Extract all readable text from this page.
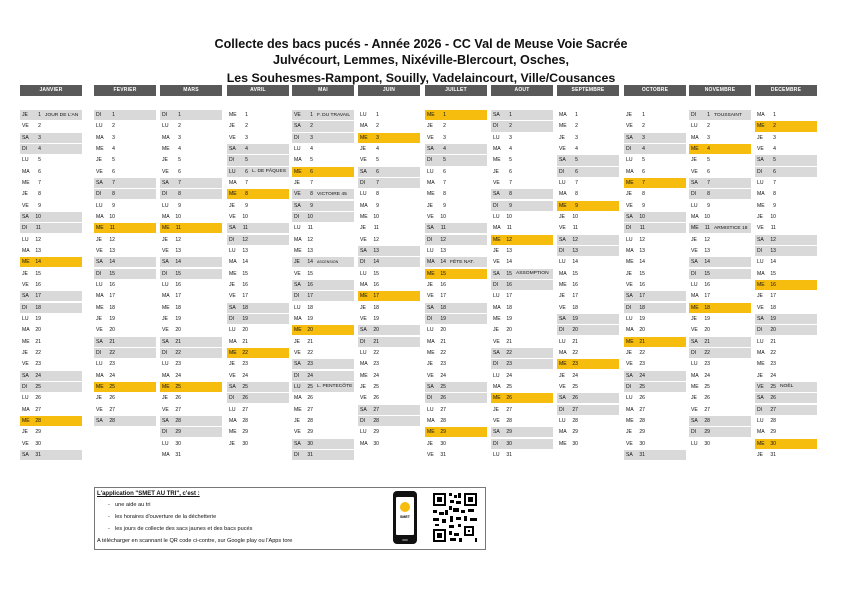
Collecte des bacs pucés - Année 2026 - CC Val de Meuse Voie Sacrée
Julvécourt, Lemmes, Nixéville-Blercourt, Osches,
Les Souhesmes-Rampont, Souilly, Vadelaincourt, Ville/Cousances
JANVIER
JE	1 JOUR DE L'AN
VE	2
SA	3
DI	4
LU	5
MA	6
ME	7
JE	8
VE	9
SA	10
DI	11
LU	12
MA	13
ME	14
JE	15
VE	16
SA	17
DI	18
LU	19
MA	20
ME	21
JE	22
VE	23
SA	24
DI	25
LU	26
MA	27
ME	28
JE	29
VE	30
SA	31
FEVRIER
DI	1
LU	2
MA	3
ME	4
JE	5
VE	6
SA	7
DI	8
LU	9
MA	10
ME	11
JE	12
VE	13
SA	14
DI	15
LU	16
MA	17
ME	18
JE	19
VE	20
SA	21
DI	22
LU	23
MA	24
ME	25
JE	26
VE	27
SA	28
MARS
DI	1
LU	2
MA	3
ME	4
JE	5
VE	6
SA	7
DI	8
LU	9
MA	10
ME	11
JE	12
VE	13
SA	14
DI	15
LU	16
MA	17
ME	18
JE	19
VE	20
SA	21
DI	22
LU	23
MA	24
ME	25
JE	26
VE	27
SA	28
DI	29
LU	30
MA	31
AVRIL
ME	1
JE	2
VE	3
SA	4
DI	5
LU	6 L. DE PÂQUES
MA	7
ME	8
JE	9
VE	10
SA	11
DI	12
LU	13
MA	14
ME	15
JE	16
VE	17
SA	18
DI	19
LU	20
MA	21
ME	22
JE	23
VE	24
SA	25
DI	26
LU	27
MA	28
ME	29
JE	30
MAI
VE	1 F. DU TRAVAIL
SA	2
DI	3
LU	4
MA	5
ME	6
JE	7
VE	8 VICTOIRE 45
SA	9
DI	10
LU	11
MA	12
ME	13
JE	14	ASCENSION
VE	15
SA	16
DI	17
LU	18
MA	19
ME	20
JE	21
VE	22
SA	23
DI	24
LU	25 L. PENTECÔTE
MA	26
ME	27
JE	28
VE	29
SA	30
DI	31
JUIN
LU	1
MA	2
ME	3
JE	4
VE	5
SA	6
DI	7
LU	8
MA	9
ME	10
JE	11
VE	12
SA	13
DI	14
LU	15
MA	16
ME	17
JE	18
VE	19
SA	20
DI	21
LU	22
MA	23
ME	24
JE	25
VE	26
SA	27
DI	28
LU	29
MA	30
JUILLET
ME	1
JE	2
VE	3
SA	4
DI	5
LU	6
MA	7
ME	8
JE	9
VE	10
SA	11
DI	12
LU	13
MA	14 FÊTE NAT.
ME	15
JE	16
VE	17
SA	18
DI	19
LU	20
MA	21
ME	22
JE	23
VE	24
SA	25
DI	26
LU	27
MA	28
ME	29
JE	30
VE	31
AOUT
SA	1
DI	2
LU	3
MA	4
ME	5
JE	6
VE	7
SA	8
DI	9
LU	10
MA	11
ME	12
JE	13
VE	14
SA	15 ASSOMPTION
DI	16
LU	17
MA	18
ME	19
JE	20
VE	21
SA	22
DI	23
LU	24
MA	25
ME	26
JE	27
VE	28
SA	29
DI	30
LU	31
SEPTEMBRE
MA	1
ME	2
JE	3
VE	4
SA	5
DI	6
LU	7
MA	8
ME	9
JE	10
VE	11
SA	12
DI	13
LU	14
MA	15
ME	16
JE	17
VE	18
SA	19
DI	20
LU	21
MA	22
ME	23
JE	24
VE	25
SA	26
DI	27
LU	28
MA	29
ME	30
OCTOBRE
JE	1
VE	2
SA	3
DI	4
LU	5
MA	6
ME	7
JE	8
VE	9
SA	10
DI	11
LU	12
MA	13
ME	14
JE	15
VE	16
SA	17
DI	18
LU	19
MA	20
ME	21
JE	22
VE	23
SA	24
DI	25
LU	26
MA	27
ME	28
JE	29
VE	30
SA	31
NOVEMBRE
DI	1 TOUSSAINT
LU	2
MA	3
ME	4
JE	5
VE	6
SA	7
DI	8
LU	9
MA	10
ME	11 ARMISTICE 18
JE	12
VE	13
SA	14
DI	15
LU	16
MA	17
ME	18
JE	19
VE	20
SA	21
DI	22
LU	23
MA	24
ME	25
JE	26
VE	27
SA	28
DI	29
LU	30
DECEMBRE
MA	1
ME	2
JE	3
VE	4
SA	5
DI	6
LU	7
MA	8
ME	9
JE	10
VE	11
SA	12
DI	13
LU	14
MA	15
ME	16
JE	17
VE	18
SA	19
DI	20
LU	21
MA	22
ME	23
JE	24
VE	25 NOËL
SA	26
DI	27
LU	28
MA	29
ME	30
JE	31
L'application "SMET AU TRI", c'est :
- une aide au tri
- les horaires d'ouverture de la déchetterie
- les jours de collecte des sacs jaunes et des bacs pucés
A télécharger en scannant le QR code ci-contre, sur Google play ou l'Apps tore
SMET
